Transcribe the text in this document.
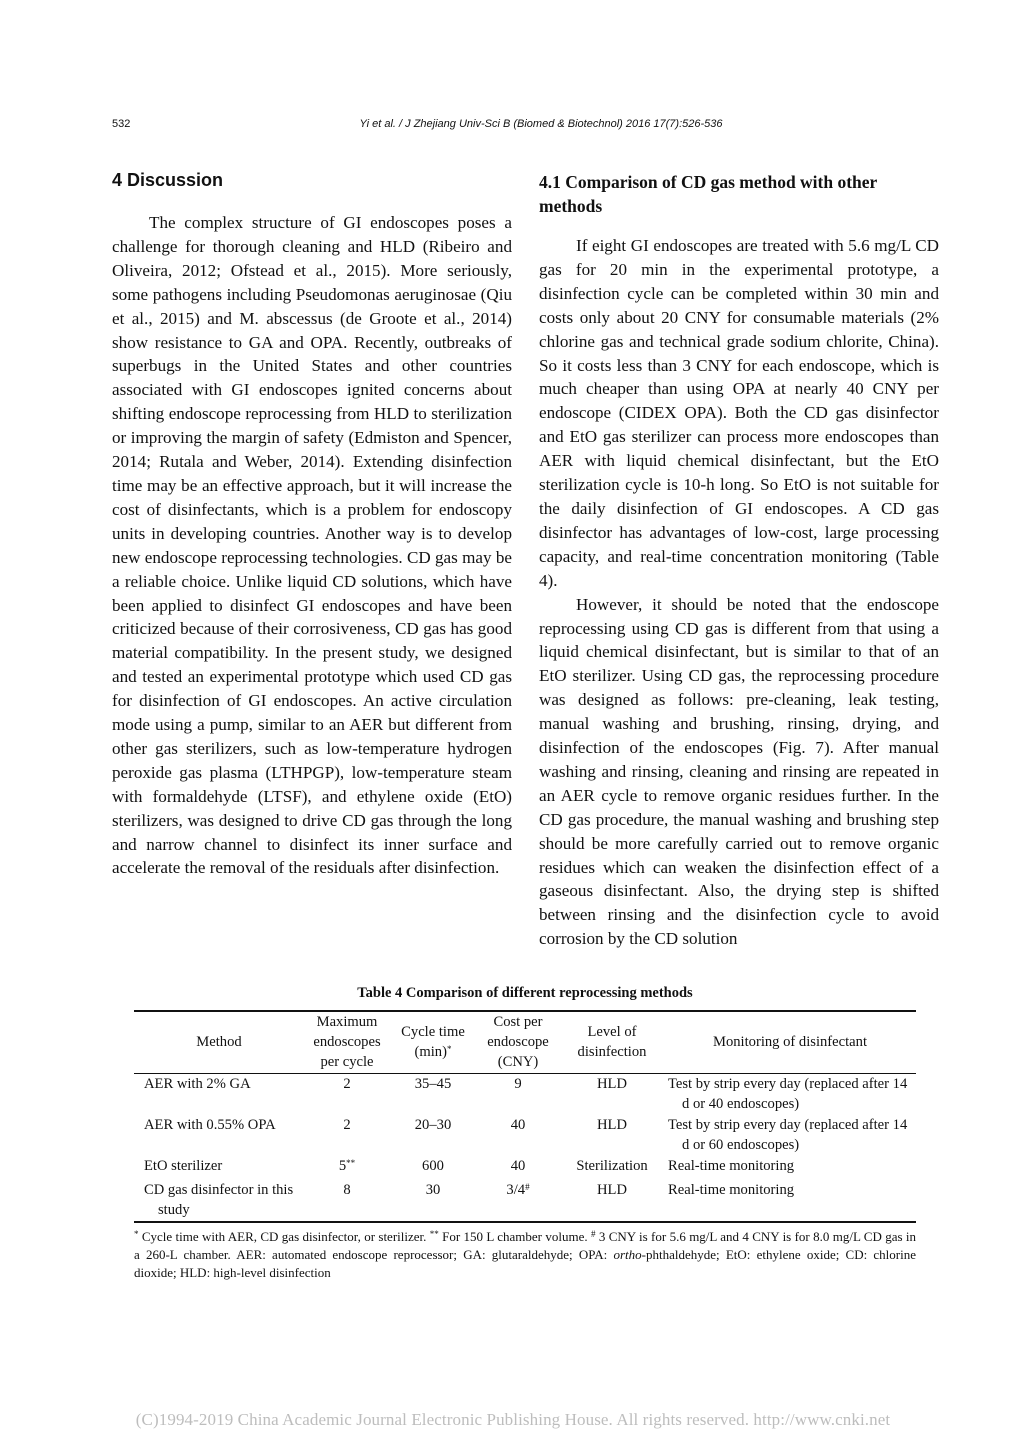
532	Yi et al. / J Zhejiang Univ-Sci B (Biomed & Biotechnol) 2016 17(7):526-536
4 Discussion

The complex structure of GI endoscopes poses a challenge for thorough cleaning and HLD (Ribeiro and Oliveira, 2012; Ofstead et al., 2015). More seriously, some pathogens including Pseudomonas aeruginosae (Qiu et al., 2015) and M. abscessus (de Groote et al., 2014) show resistance to GA and OPA. Recently, outbreaks of superbugs in the United States and other countries associated with GI endoscopes ignited concerns about shifting endoscope reprocessing from HLD to sterilization or improving the margin of safety (Edmiston and Spencer, 2014; Rutala and Weber, 2014). Extending disinfection time may be an effective approach, but it will increase the cost of disinfectants, which is a problem for endoscopy units in developing countries. Another way is to develop new endoscope reprocessing technologies. CD gas may be a reliable choice. Unlike liquid CD solutions, which have been applied to disinfect GI endoscopes and have been criticized because of their corrosiveness, CD gas has good material compatibility. In the present study, we designed and tested an experimental prototype which used CD gas for disinfection of GI endoscopes. An active circulation mode using a pump, similar to an AER but different from other gas sterilizers, such as low-temperature hydrogen peroxide gas plasma (LTHPGP), low-temperature steam with formaldehyde (LTSF), and ethylene oxide (EtO) sterilizers, was designed to drive CD gas through the long and narrow channel to disinfect its inner surface and accelerate the removal of the residuals after disinfection.

4.1 Comparison of CD gas method with other methods

If eight GI endoscopes are treated with 5.6 mg/L CD gas for 20 min in the experimental prototype, a disinfection cycle can be completed within 30 min and costs only about 20 CNY for consumable materials (2% chlorine gas and technical grade sodium chlorite, China). So it costs less than 3 CNY for each endoscope, which is much cheaper than using OPA at nearly 40 CNY per endoscope (CIDEX OPA). Both the CD gas disinfector and EtO gas sterilizer can process more endoscopes than AER with liquid chemical disinfectant, but the EtO sterilization cycle is 10-h long. So EtO is not suitable for the daily disinfection of GI endoscopes. A CD gas disinfector has advantages of low-cost, large processing capacity, and real-time concentration monitoring (Table 4).

However, it should be noted that the endoscope reprocessing using CD gas is different from that using a liquid chemical disinfectant, but is similar to that of an EtO sterilizer. Using CD gas, the reprocessing procedure was designed as follows: pre-cleaning, leak testing, manual washing and brushing, rinsing, drying, and disinfection of the endoscopes (Fig. 7). After manual washing and rinsing, cleaning and rinsing are repeated in an AER cycle to remove organic residues further. In the CD gas procedure, the manual washing and brushing step should be more carefully carried out to remove organic residues which can weaken the disinfection effect of a gaseous disinfectant. Also, the drying step is shifted between rinsing and the disinfection cycle to avoid corrosion by the CD solution

Table 4 Comparison of different reprocessing methods
Method	Maximum endoscopes per cycle	Cycle time (min)*	Cost per endoscope (CNY)	Level of disinfection	Monitoring of disinfectant
AER with 2% GA	2	35–45	9	HLD	Test by strip every day (replaced after 14 d or 40 endoscopes)

AER with 0.55% OPA	2	20–30	40	HLD	Test by strip every day (replaced after 14 d or 60 endoscopes)

EtO sterilizer	5**	600	40	Sterilization	Real-time monitoring

CD gas disinfector in this study	8	30	3/4#	HLD	Real-time monitoring
* Cycle time with AER, CD gas disinfector, or sterilizer. ** For 150 L chamber volume. # 3 CNY is for 5.6 mg/L and 4 CNY is for 8.0 mg/L CD gas in a 260-L chamber. AER: automated endoscope reprocessor; GA: glutaraldehyde; OPA: ortho-phthaldehyde; EtO: ethylene oxide; CD: chlorine dioxide; HLD: high-level disinfection
(C)1994-2019 China Academic Journal Electronic Publishing House. All rights reserved. http://www.cnki.net
